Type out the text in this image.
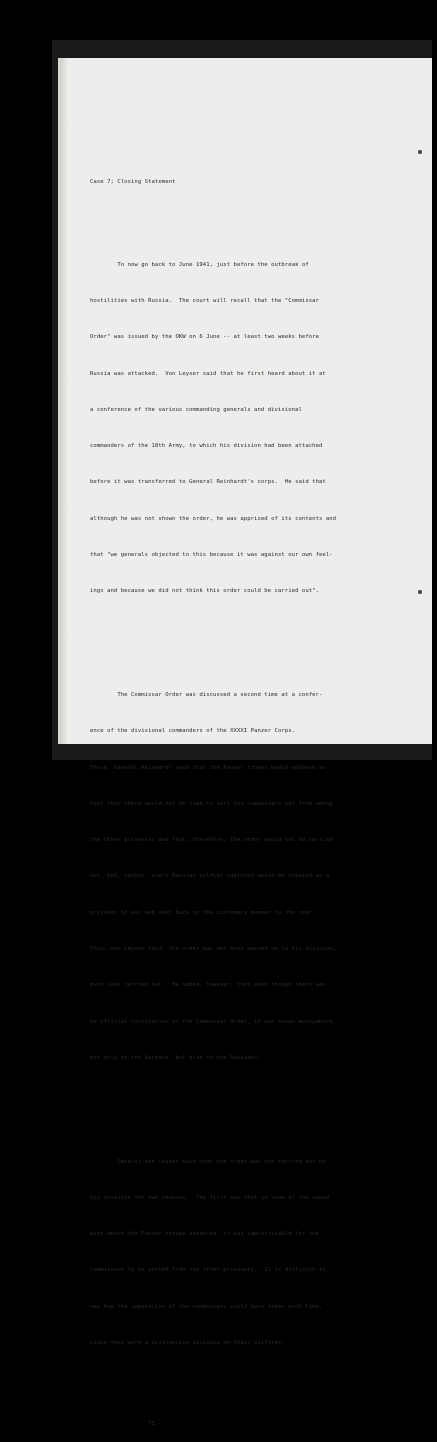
Case 7; Closing Statement

To now go back to June 1941, just before the outbreak of

hostilities with Russia.  The court will recall that the "Commissar

Order" was issued by the OKW on 6 June -- at least two weeks before

Russia was attacked.  Von Leyser said that he first heard about it at

a conference of the various commanding generals and divisional

commanders of the 18th Army, to which his division had been attached

before it was transferred to General Reinhardt's corps.  He said that

although he was not shown the order, he was apprised of its contents and

that "we generals objected to this because it was against our own feel-

ings and because we did not think this order could be carried out".

The Commissar Order was discussed a second time at a confer-

ence of the divisional commanders of the XXXXI Panzer Corps.

There, General Reinhardt said that the Panzer troops would advance so

fast that there would not be time to sort the commissars out from among

the other prisoners and that, therefore, the order would not be carried

out, but, rather, every Russian soldier captured would be treated as a

prisoner of war and sent back in the customary manner to the rear.

Thus, von Leyser said, the order was not even passed on to his division,

much less carried out.  He added, however, that even though there was

no official circulation of the Commissar Order, it was known everywhere,

not only to the Germans, but also to the Russians.

General von Leyser said that the order was not carried out by

his division for two reasons.  The first was that in view of the speed

with which the Panzer troops advanced, it was impracticable for the

commissars to be sorted from the other prisoners.  It is difficult to

see how the separation of the commissars could have taken much time,

since they wore a distinctive insignia on their uniforms.

-  73 -
